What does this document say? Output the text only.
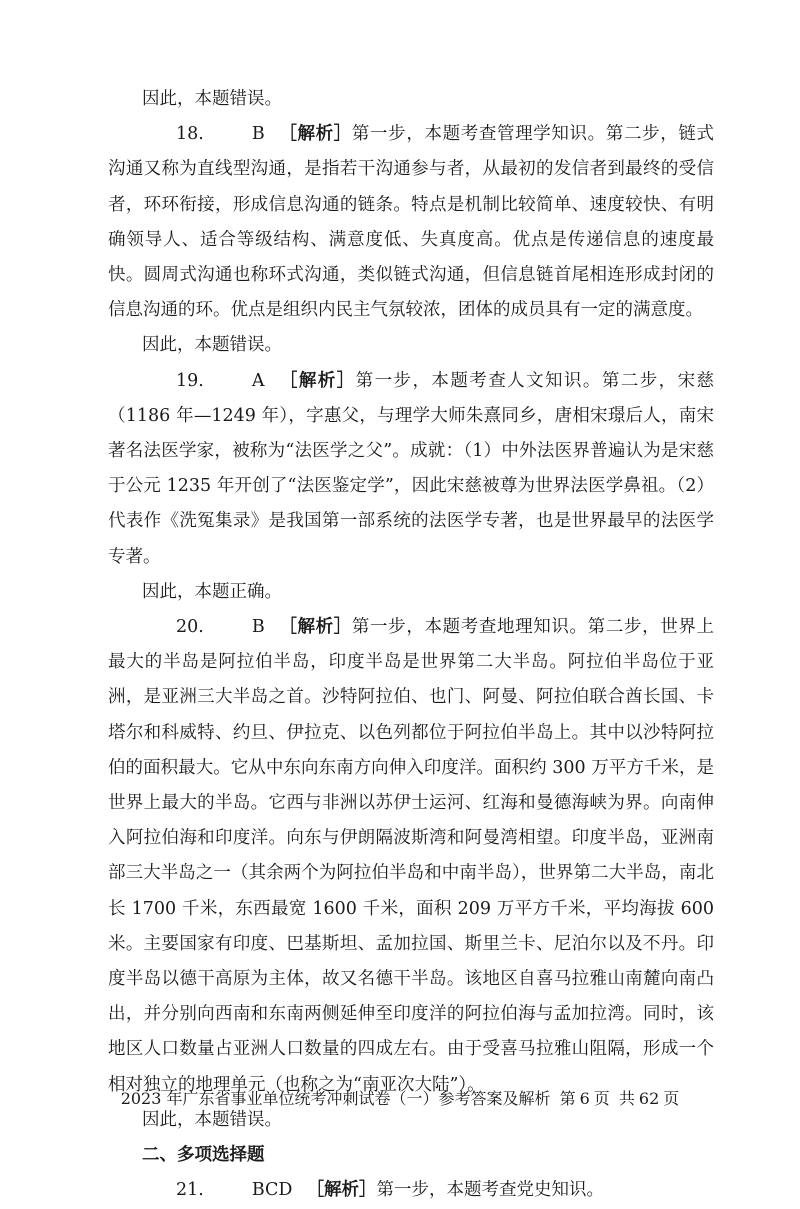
因此，本题错误。

18.	B ［解析］第一步，本题考查管理学知识。第二步，链式沟通又称为直线型沟通，是指若干沟通参与者，从最初的发信者到最终的受信者，环环衔接，形成信息沟通的链条。特点是机制比较简单、速度较快、有明确领导人、适合等级结构、满意度低、失真度高。优点是传递信息的速度最快。圆周式沟通也称环式沟通，类似链式沟通，但信息链首尾相连形成封闭的信息沟通的环。优点是组织内民主气氛较浓，团体的成员具有一定的满意度。

因此，本题错误。

19.	A ［解析］第一步，本题考查人文知识。第二步，宋慈（1186 年—1249 年），字惠父，与理学大师朱熹同乡，唐相宋璟后人，南宋著名法医学家，被称为“法医学之父”。成就：（1）中外法医界普遍认为是宋慈于公元 1235 年开创了“法医鉴定学”，因此宋慈被尊为世界法医学鼻祖。（2）代表作《洗冤集录》是我国第一部系统的法医学专著，也是世界最早的法医学专著。

因此，本题正确。

20.	B ［解析］第一步，本题考查地理知识。第二步，世界上最大的半岛是阿拉伯半岛，印度半岛是世界第二大半岛。阿拉伯半岛位于亚洲，是亚洲三大半岛之首。沙特阿拉伯、也门、阿曼、阿拉伯联合酋长国、卡塔尔和科威特、约旦、伊拉克、以色列都位于阿拉伯半岛上。其中以沙特阿拉伯的面积最大。它从中东向东南方向伸入印度洋。面积约 300 万平方千米，是世界上最大的半岛。它西与非洲以苏伊士运河、红海和曼德海峡为界。向南伸入阿拉伯海和印度洋。向东与伊朗隔波斯湾和阿曼湾相望。印度半岛，亚洲南部三大半岛之一（其余两个为阿拉伯半岛和中南半岛），世界第二大半岛，南北长 1700 千米，东西最宽 1600 千米，面积 209 万平方千米，平均海拔 600 米。主要国家有印度、巴基斯坦、孟加拉国、斯里兰卡、尼泊尔以及不丹。印度半岛以德干高原为主体，故又名德干半岛。该地区自喜马拉雅山南麓向南凸出，并分别向西南和东南两侧延伸至印度洋的阿拉伯海与孟加拉湾。同时，该地区人口数量占亚洲人口数量的四成左右。由于受喜马拉雅山阻隔，形成一个相对独立的地理单元（也称之为“南亚次大陆”）。

因此，本题错误。

二、多项选择题

21.	BCD ［解析］第一步，本题考查党史知识。

2023 年广东省事业单位统考冲刺试卷（一）参考答案及解析 第 6 页 共 62 页
